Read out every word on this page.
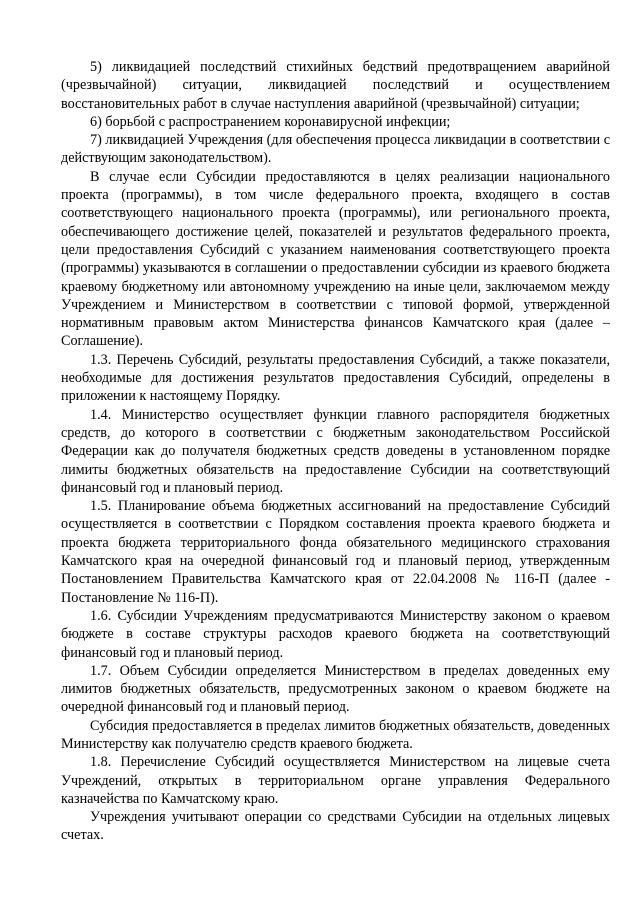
5) ликвидацией последствий стихийных бедствий предотвращением аварийной (чрезвычайной) ситуации, ликвидацией последствий и осуществлением восстановительных работ в случае наступления аварийной (чрезвычайной) ситуации;

6) борьбой с распространением коронавирусной инфекции;

7) ликвидацией Учреждения (для обеспечения процесса ликвидации в соответствии с действующим законодательством).

В случае если Субсидии предоставляются в целях реализации национального проекта (программы), в том числе федерального проекта, входящего в состав соответствующего национального проекта (программы), или регионального проекта, обеспечивающего достижение целей, показателей и результатов федерального проекта, цели предоставления Субсидий с указанием наименования соответствующего проекта (программы) указываются в соглашении о предоставлении субсидии из краевого бюджета краевому бюджетному или автономному учреждению на иные цели, заключаемом между Учреждением и Министерством в соответствии с типовой формой, утвержденной нормативным правовым актом Министерства финансов Камчатского края (далее – Соглашение).

1.3. Перечень Субсидий, результаты предоставления Субсидий, а также показатели, необходимые для достижения результатов предоставления Субсидий, определены в приложении к настоящему Порядку.

1.4. Министерство осуществляет функции главного распорядителя бюджетных средств, до которого в соответствии с бюджетным законодательством Российской Федерации как до получателя бюджетных средств доведены в установленном порядке лимиты бюджетных обязательств на предоставление Субсидии на соответствующий финансовый год и плановый период.

1.5. Планирование объема бюджетных ассигнований на предоставление Субсидий осуществляется в соответствии с Порядком составления проекта краевого бюджета и проекта бюджета территориального фонда обязательного медицинского страхования Камчатского края на очередной финансовый год и плановый период, утвержденным Постановлением Правительства Камчатского края от 22.04.2008 № 116-П (далее - Постановление № 116-П).

1.6. Субсидии Учреждениям предусматриваются Министерству законом о краевом бюджете в составе структуры расходов краевого бюджета на соответствующий финансовый год и плановый период.

1.7. Объем Субсидии определяется Министерством в пределах доведенных ему лимитов бюджетных обязательств, предусмотренных законом о краевом бюджете на очередной финансовый год и плановый период.

Субсидия предоставляется в пределах лимитов бюджетных обязательств, доведенных Министерству как получателю средств краевого бюджета.

1.8. Перечисление Субсидий осуществляется Министерством на лицевые счета Учреждений, открытых в территориальном органе управления Федерального казначейства по Камчатскому краю.

Учреждения учитывают операции со средствами Субсидии на отдельных лицевых счетах.
